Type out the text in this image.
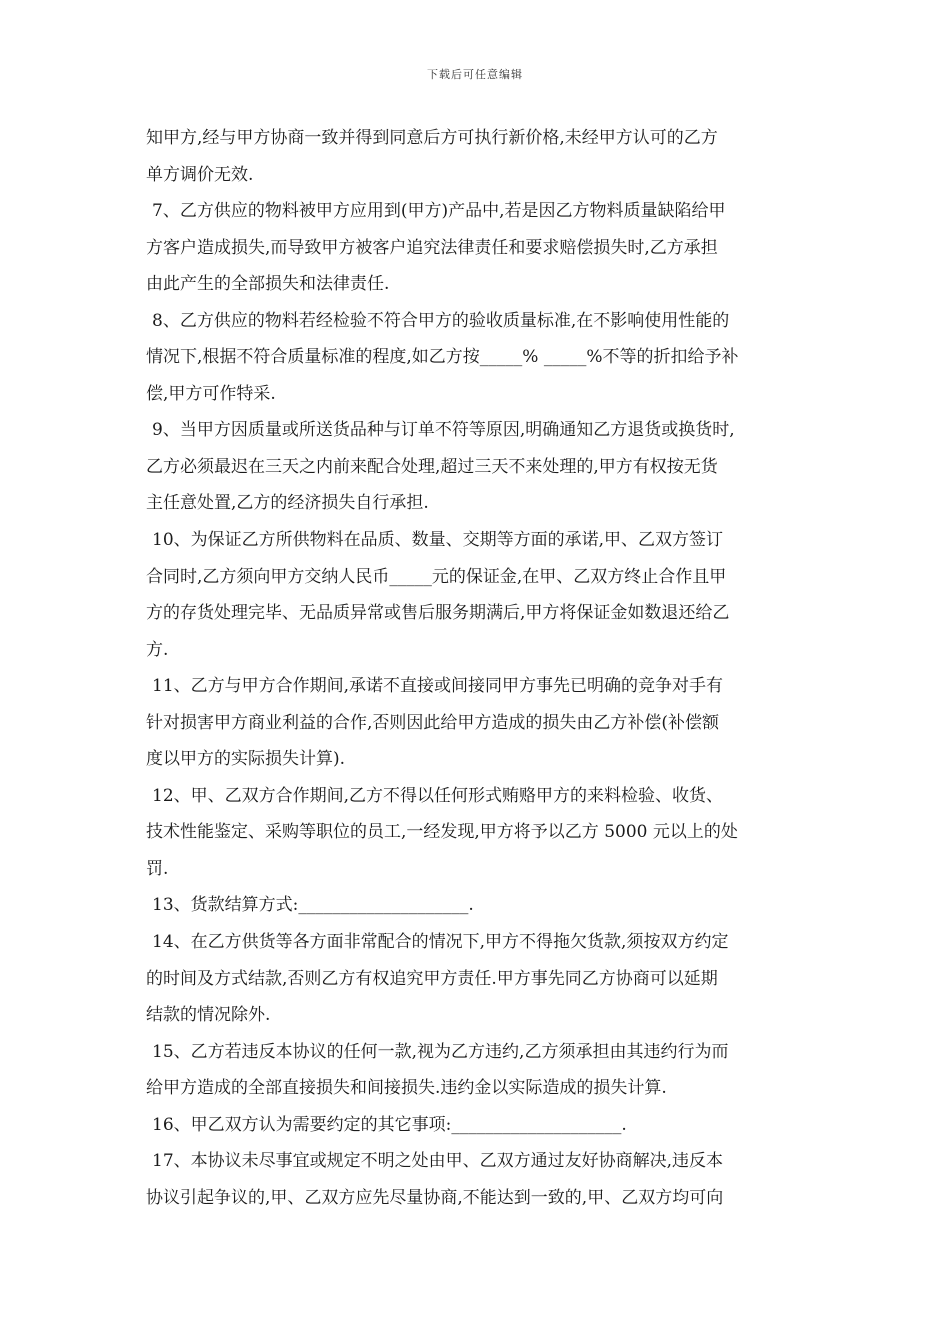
下载后可任意编辑
知甲方,经与甲方协商一致并得到同意后方可执行新价格,未经甲方认可的乙方
单方调价无效.
7、乙方供应的物料被甲方应用到(甲方)产品中,若是因乙方物料质量缺陷给甲
方客户造成损失,而导致甲方被客户追究法律责任和要求赔偿损失时,乙方承担
由此产生的全部损失和法律责任.
8、乙方供应的物料若经检验不符合甲方的验收质量标准,在不影响使用性能的
情况下,根据不符合质量标准的程度,如乙方按_____% _____%不等的折扣给予补
偿,甲方可作特采.
9、当甲方因质量或所送货品种与订单不符等原因,明确通知乙方退货或换货时,
乙方必须最迟在三天之内前来配合处理,超过三天不来处理的,甲方有权按无货
主任意处置,乙方的经济损失自行承担.
10、为保证乙方所供物料在品质、数量、交期等方面的承诺,甲、乙双方签订
合同时,乙方须向甲方交纳人民币_____元的保证金,在甲、乙双方终止合作且甲
方的存货处理完毕、无品质异常或售后服务期满后,甲方将保证金如数退还给乙
方.
11、乙方与甲方合作期间,承诺不直接或间接同甲方事先已明确的竞争对手有
针对损害甲方商业利益的合作,否则因此给甲方造成的损失由乙方补偿(补偿额
度以甲方的实际损失计算).
12、甲、乙双方合作期间,乙方不得以任何形式贿赂甲方的来料检验、收货、
技术性能鉴定、采购等职位的员工,一经发现,甲方将予以乙方 5000 元以上的处
罚.
13、货款结算方式:____________________.
14、在乙方供货等各方面非常配合的情况下,甲方不得拖欠货款,须按双方约定
的时间及方式结款,否则乙方有权追究甲方责任.甲方事先同乙方协商可以延期
结款的情况除外.
15、乙方若违反本协议的任何一款,视为乙方违约,乙方须承担由其违约行为而
给甲方造成的全部直接损失和间接损失.违约金以实际造成的损失计算.
16、甲乙双方认为需要约定的其它事项:____________________.
17、本协议未尽事宜或规定不明之处由甲、乙双方通过友好协商解决,违反本
协议引起争议的,甲、乙双方应先尽量协商,不能达到一致的,甲、乙双方均可向
